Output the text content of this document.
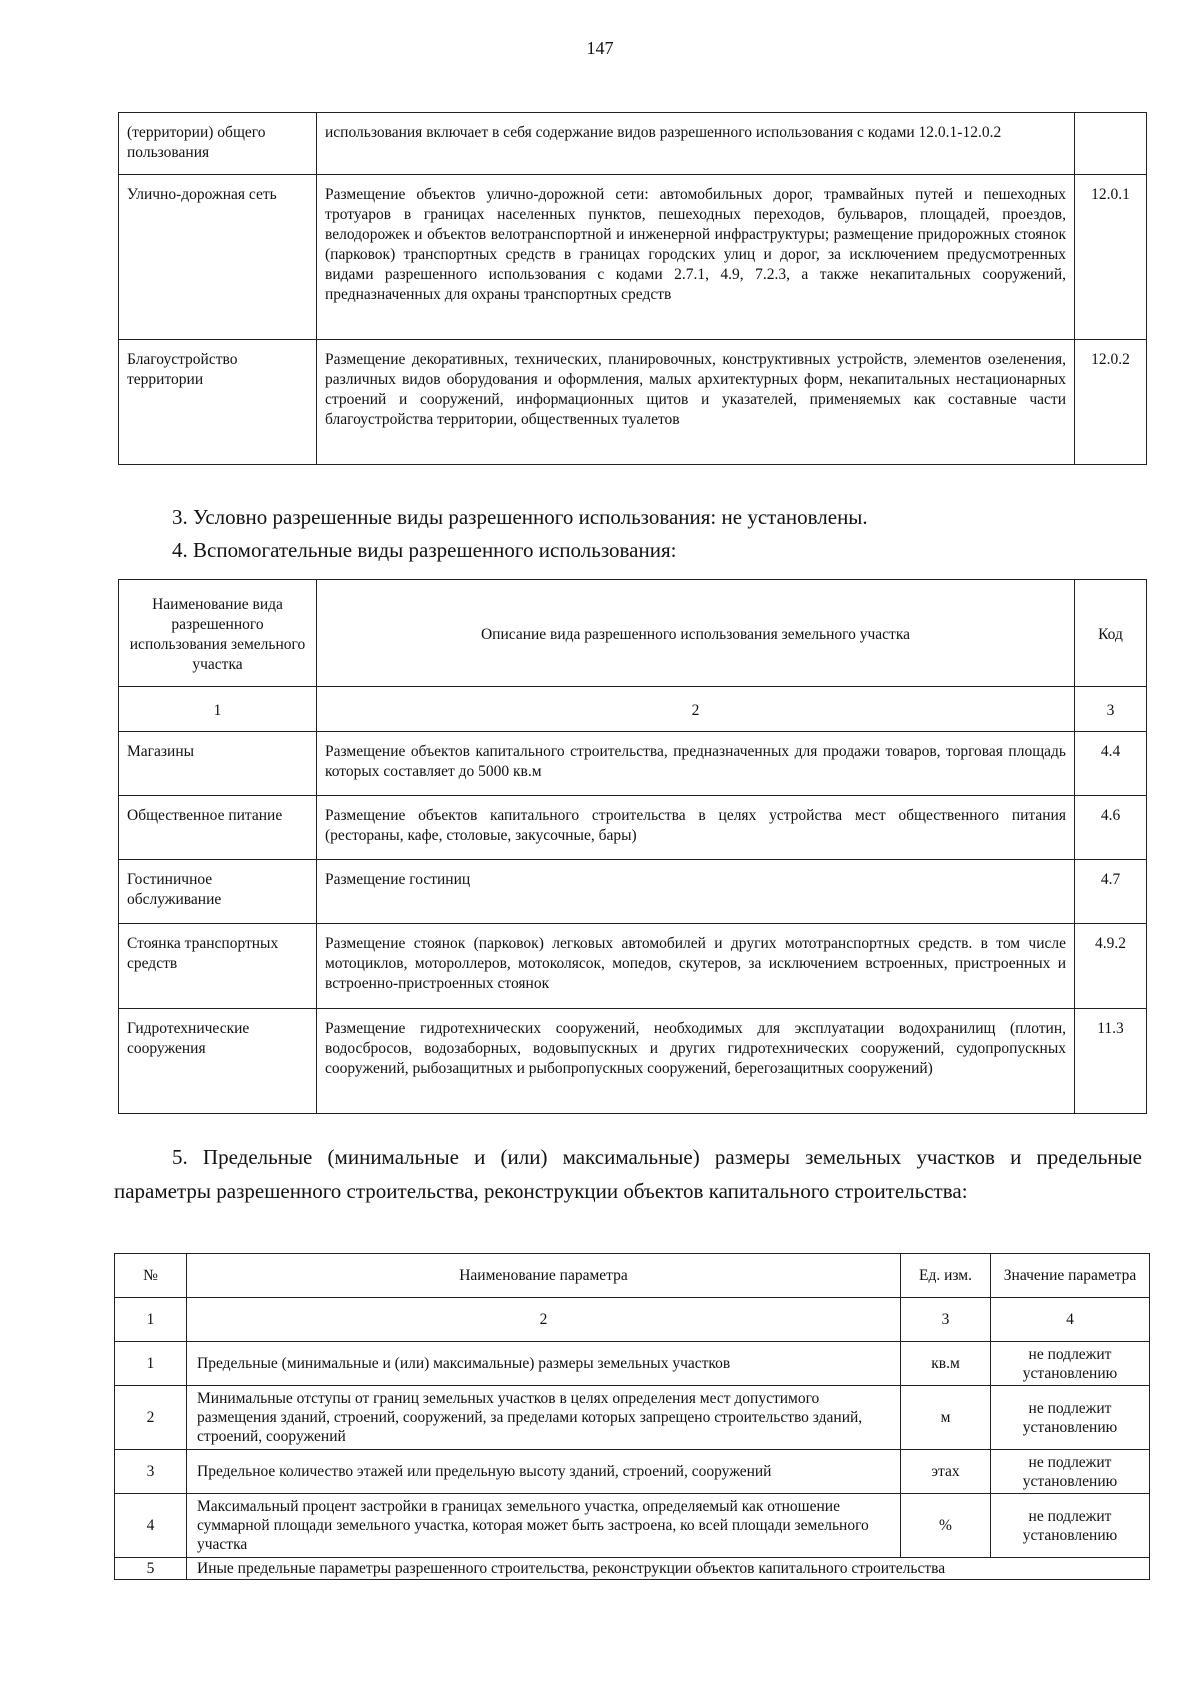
147
(территории) общего пользования	использования включает в себя содержание видов разрешенного использования с кодами 12.0.1-12.0.2	
Улично-дорожная сеть	Размещение объектов улично-дорожной сети: автомобильных дорог, трамвайных путей и пешеходных тротуаров в границах населенных пунктов, пешеходных переходов, бульваров, площадей, проездов, велодорожек и объектов велотранспортной и инженерной инфраструктуры; размещение придорожных стоянок (парковок) транспортных средств в границах городских улиц и дорог, за исключением предусмотренных видами разрешенного использования с кодами 2.7.1, 4.9, 7.2.3, а также некапитальных сооружений, предназначенных для охраны транспортных средств	12.0.1
Благоустройство территории	Размещение декоративных, технических, планировочных, конструктивных устройств, элементов озеленения, различных видов оборудования и оформления, малых архитектурных форм, некапитальных нестационарных строений и сооружений, информационных щитов и указателей, применяемых как составные части благоустройства территории, общественных туалетов	12.0.2
3. Условно разрешенные виды разрешенного использования: не установлены.
4. Вспомогательные виды разрешенного использования:
Наименование вида разрешенного использования земельного участка	Описание вида разрешенного использования земельного участка	Код
1	2	3
Магазины	Размещение объектов капитального строительства, предназначенных для продажи товаров, торговая площадь которых составляет до 5000 кв.м	4.4
Общественное питание	Размещение объектов капитального строительства в целях устройства мест общественного питания (рестораны, кафе, столовые, закусочные, бары)	4.6
Гостиничное обслуживание	Размещение гостиниц	4.7
Стоянка транспортных средств	Размещение стоянок (парковок) легковых автомобилей и других мототранспортных средств. в том числе мотоциклов, мотороллеров, мотоколясок, мопедов, скутеров, за исключением встроенных, пристроенных и встроенно-пристроенных стоянок	4.9.2
Гидротехнические сооружения	Размещение гидротехнических сооружений, необходимых для эксплуатации водохранилищ (плотин, водосбросов, водозаборных, водовыпускных и других гидротехнических сооружений, судопропускных сооружений, рыбозащитных и рыбопропускных сооружений, берегозащитных сооружений)	11.3
5. Предельные (минимальные и (или) максимальные) размеры земельных участков и предельные параметры разрешенного строительства, реконструкции объектов капитального строительства:
№	Наименование параметра	Ед. изм.	Значение параметра
1	2	3	4
1	Предельные (минимальные и (или) максимальные) размеры земельных участков	кв.м	не подлежит установлению
2	Минимальные отступы от границ земельных участков в целях определения мест допустимого размещения зданий, строений, сооружений, за пределами которых запрещено строительство зданий, строений, сооружений	м	не подлежит установлению
3	Предельное количество этажей или предельную высоту зданий, строений, сооружений	этах	не подлежит установлению
4	Максимальный процент застройки в границах земельного участка, определяемый как отношение суммарной площади земельного участка, которая может быть застроена, ко всей площади земельного участка	%	не подлежит установлению
5	Иные предельные параметры разрешенного строительства, реконструкции объектов капитального строительства		
